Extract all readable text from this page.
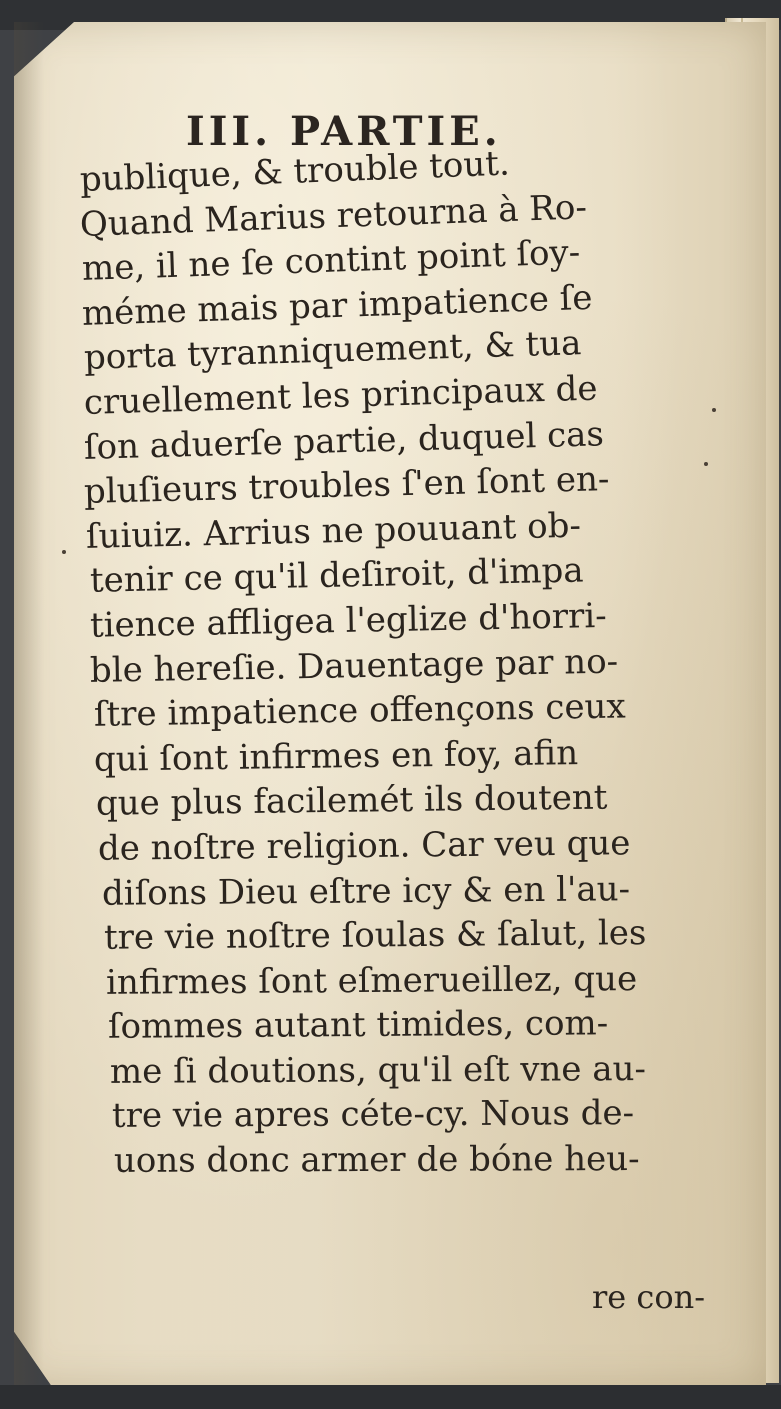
III. PARTIE.
publique, & trouble tout.
Quand Marius retourna à Ro-
me, il ne ſe contint point ſoy-
méme mais par impatience ſe
porta tyranniquement, & tua
cruellement les principaux de
ſon aduerſe partie, duquel cas
pluſieurs troubles ſ'en ſont en-
ſuiuiz. Arrius ne pouuant ob-
tenir ce qu'il deſiroit, d'impa
tience affligea l'eglize d'horri-
ble hereſie. Dauentage par no-
ſtre impatience offençons ceux
qui ſont infirmes en foy, afin
que plus facilemét ils doutent
de noſtre religion. Car veu que
diſons Dieu eſtre icy & en l'au-
tre vie noſtre ſoulas & ſalut, les
infirmes ſont eſmerueillez, que
ſommes autant timides, com-
me ſi doutions, qu'il eſt vne au-
tre vie apres céte-cy. Nous de-
uons donc armer de bóne heu-
re con-
